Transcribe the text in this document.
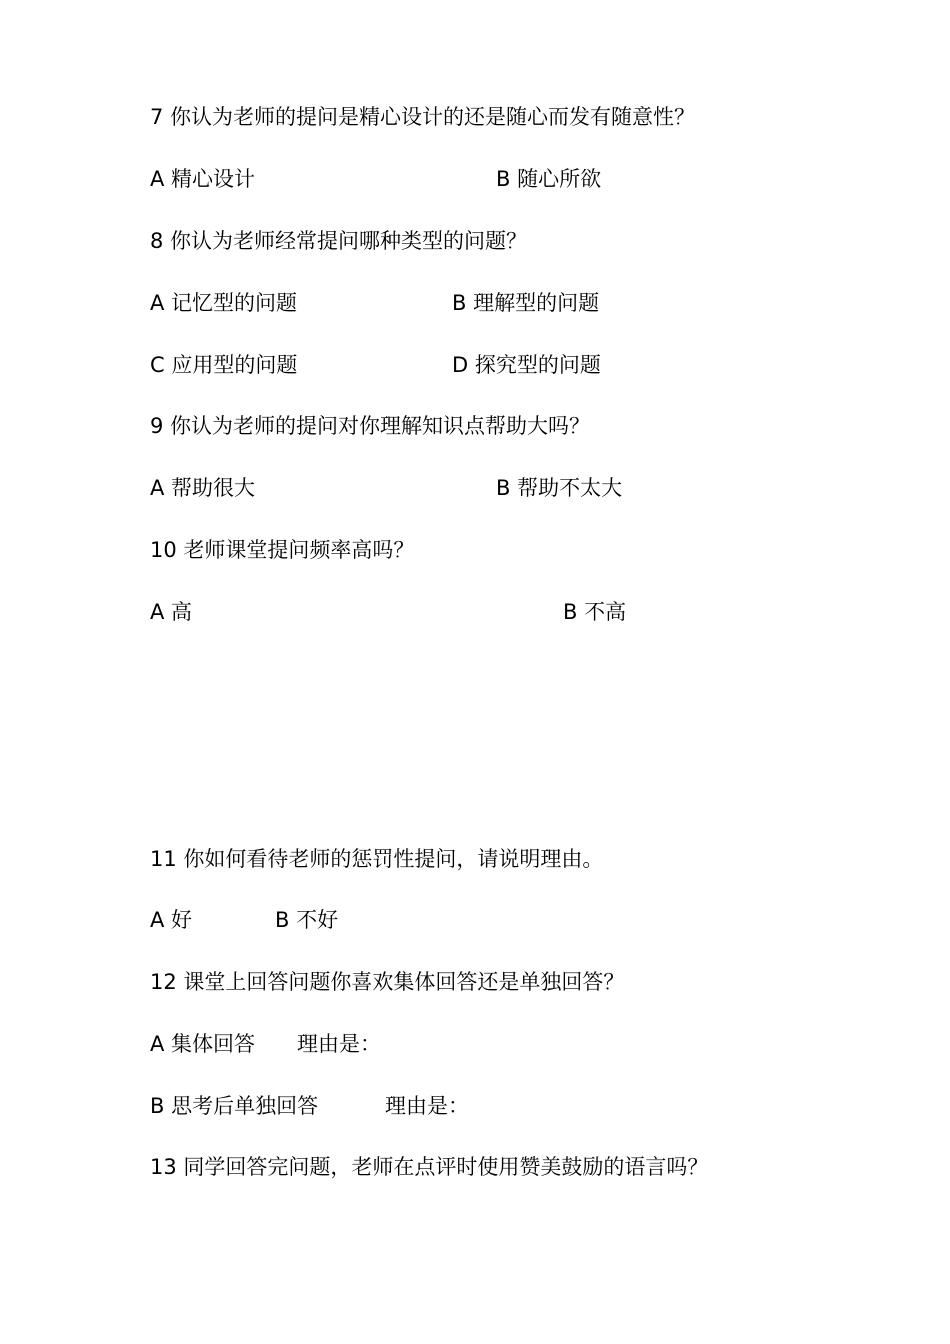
7 你认为老师的提问是精心设计的还是随心而发有随意性？
A 精心设计	B 随心所欲
8 你认为老师经常提问哪种类型的问题？
A 记忆型的问题	B 理解型的问题
C 应用型的问题	D 探究型的问题
9 你认为老师的提问对你理解知识点帮助大吗？
A 帮助很大	B 帮助不太大
10 老师课堂提问频率高吗？
A 高	B 不高
11 你如何看待老师的惩罚性提问，请说明理由。
A 好	B 不好
12 课堂上回答问题你喜欢集体回答还是单独回答？
A 集体回答 理由是：
B 思考后单独回答	理由是：
13 同学回答完问题，老师在点评时使用赞美鼓励的语言吗？
